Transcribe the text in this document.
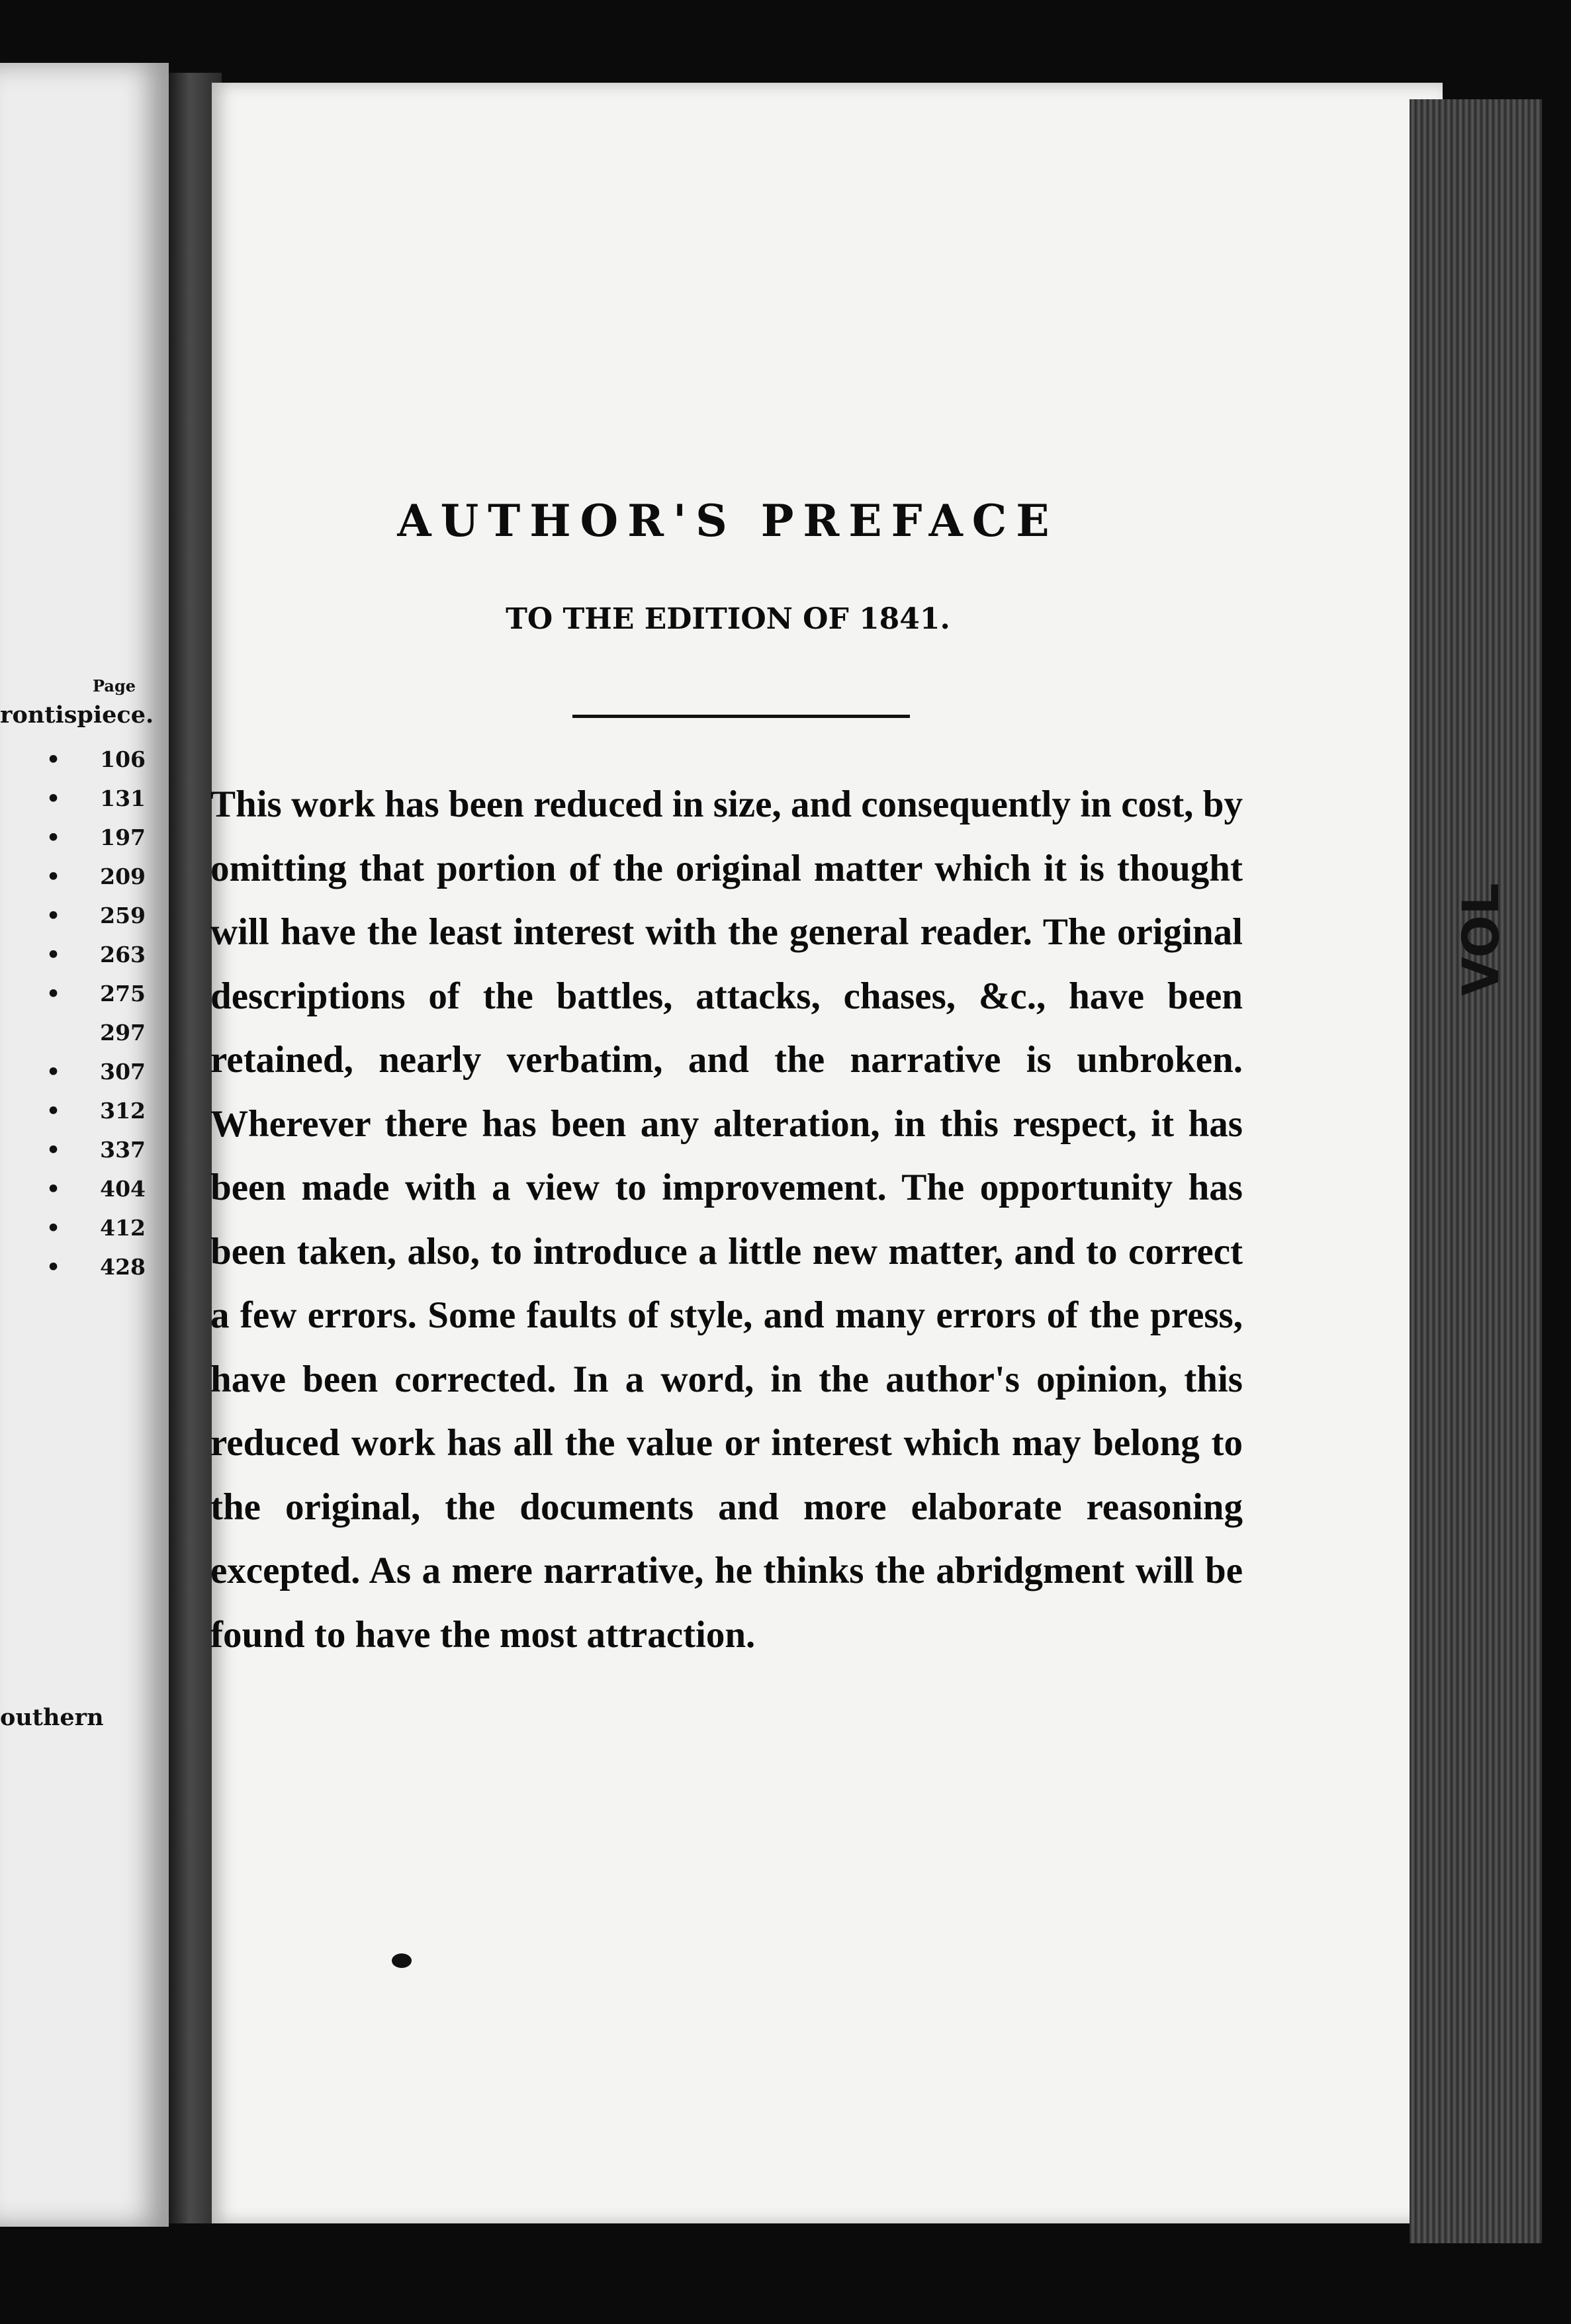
VOL
Page
rontispiece.
• 106
• 131
• 197
• 209
• 259
• 263
• 275
297
• 307
• 312
• 337
• 404
• 412
• 428
outhern
AUTHOR'S PREFACE
TO THE EDITION OF 1841.

This work has been reduced in size, and consequently in cost, by omitting that portion of the original matter which it is thought will have the least interest with the general reader. The original descriptions of the battles, attacks, chases, &c., have been retained, nearly verbatim, and the narrative is unbroken. Wherever there has been any alteration, in this respect, it has been made with a view to improvement. The opportunity has been taken, also, to introduce a little new matter, and to correct a few errors. Some faults of style, and many errors of the press, have been corrected. In a word, in the author's opinion, this reduced work has all the value or interest which may belong to the original, the documents and more elaborate reasoning excepted. As a mere narrative, he thinks the abridgment will be found to have the most attraction.
